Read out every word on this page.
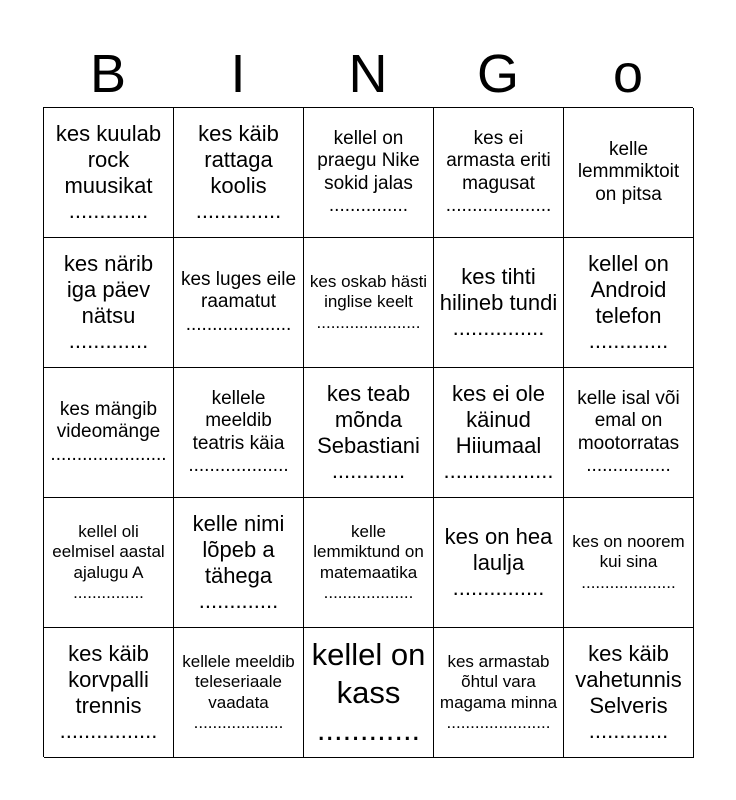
B	I	N	G	o
kes kuulab rock muusikat .............
kes käib rattaga koolis ..............
kellel on praegu Nike sokid jalas ...............
kes ei armasta eriti magusat ....................
kelle lemmmiktoit on pitsa
kes närib iga päev nätsu .............
kes luges eile raamatut ....................
kes oskab hästi inglise keelt ......................
kes tihti hilineb tundi ...............
kellel on Android telefon .............
kes mängib videomänge ......................
kellele meeldib teatris käia ...................
kes teab mõnda Sebastiani ............
kes ei ole käinud Hiiumaal ..................
kelle isal või emal on mootorratas ................
kellel oli eelmisel aastal ajalugu A ...............
kelle nimi lõpeb a tähega .............
kelle lemmiktund on matemaatika ...................
kes on hea laulja ...............
kes on noorem kui sina ....................
kes käib korvpalli trennis ................
kellele meeldib teleseriaale vaadata ...................
kellel on kass ............
kes armastab õhtul vara magama minna ......................
kes käib vahetunnis Selveris .............
